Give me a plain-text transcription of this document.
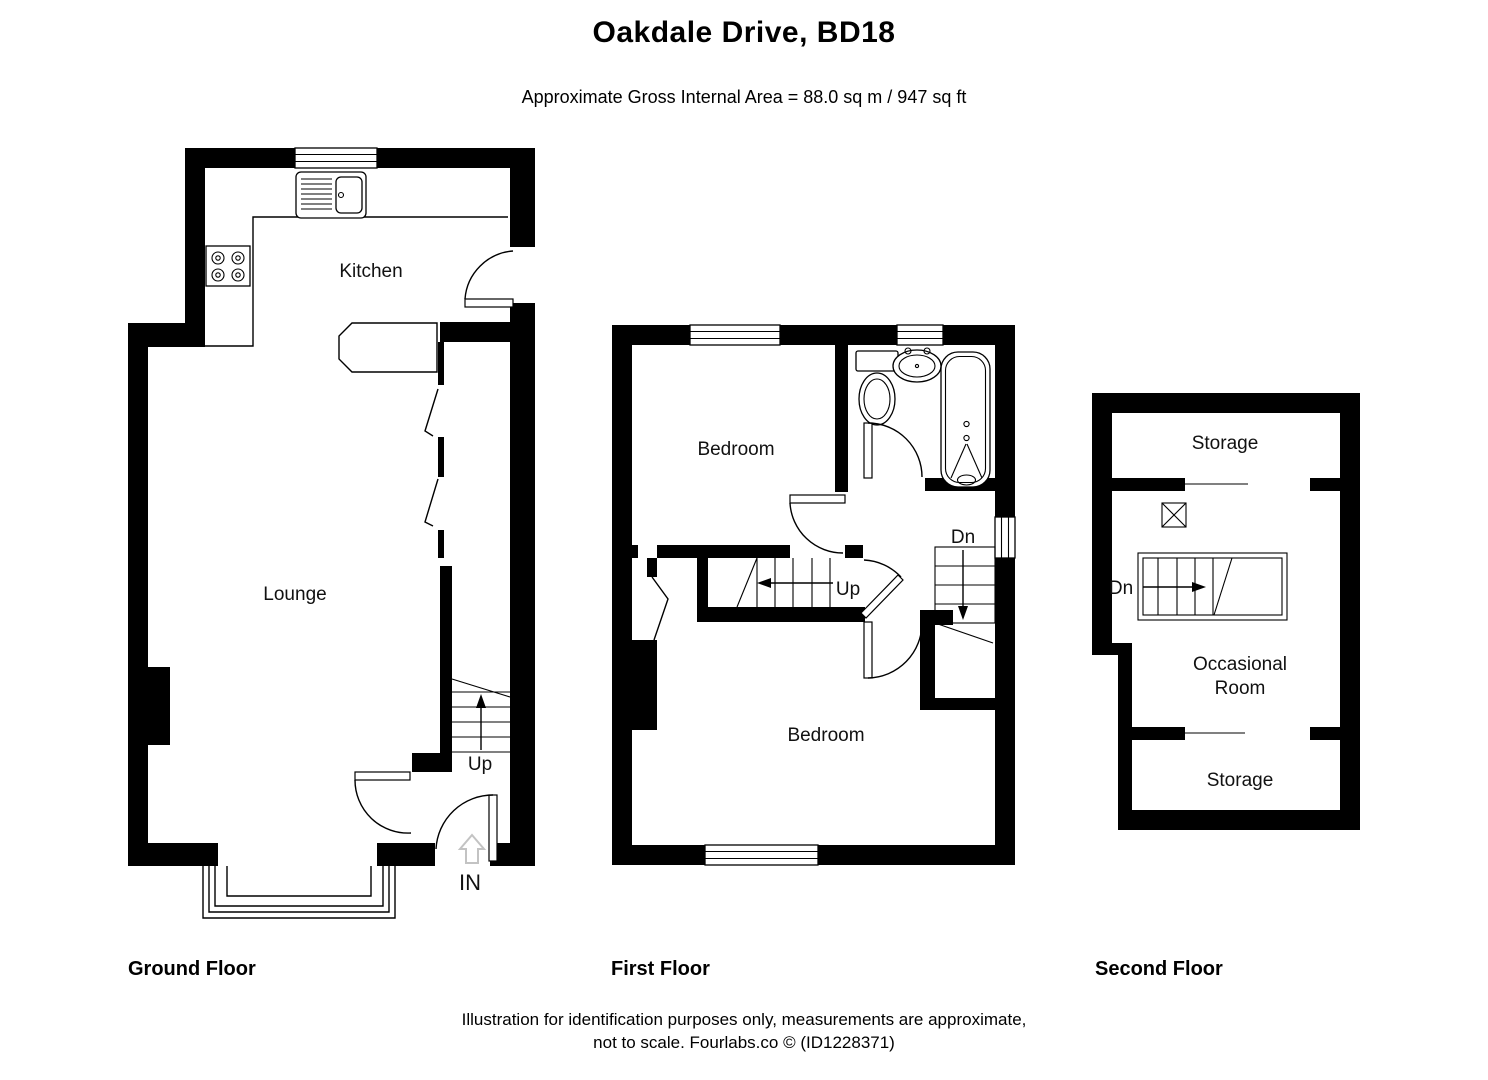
Oakdale Drive, BD18
Approximate Gross Internal Area = 88.0 sq m / 947 sq ft
Kitchen
Lounge
Up
IN
Bedroom
Bedroom
Up
Dn
Storage
Dn
Occasional
Room
Storage
Ground Floor	First Floor	Second Floor
Illustration for identification purposes only, measurements are approximate,
not to scale. Fourlabs.co © (ID1228371)
